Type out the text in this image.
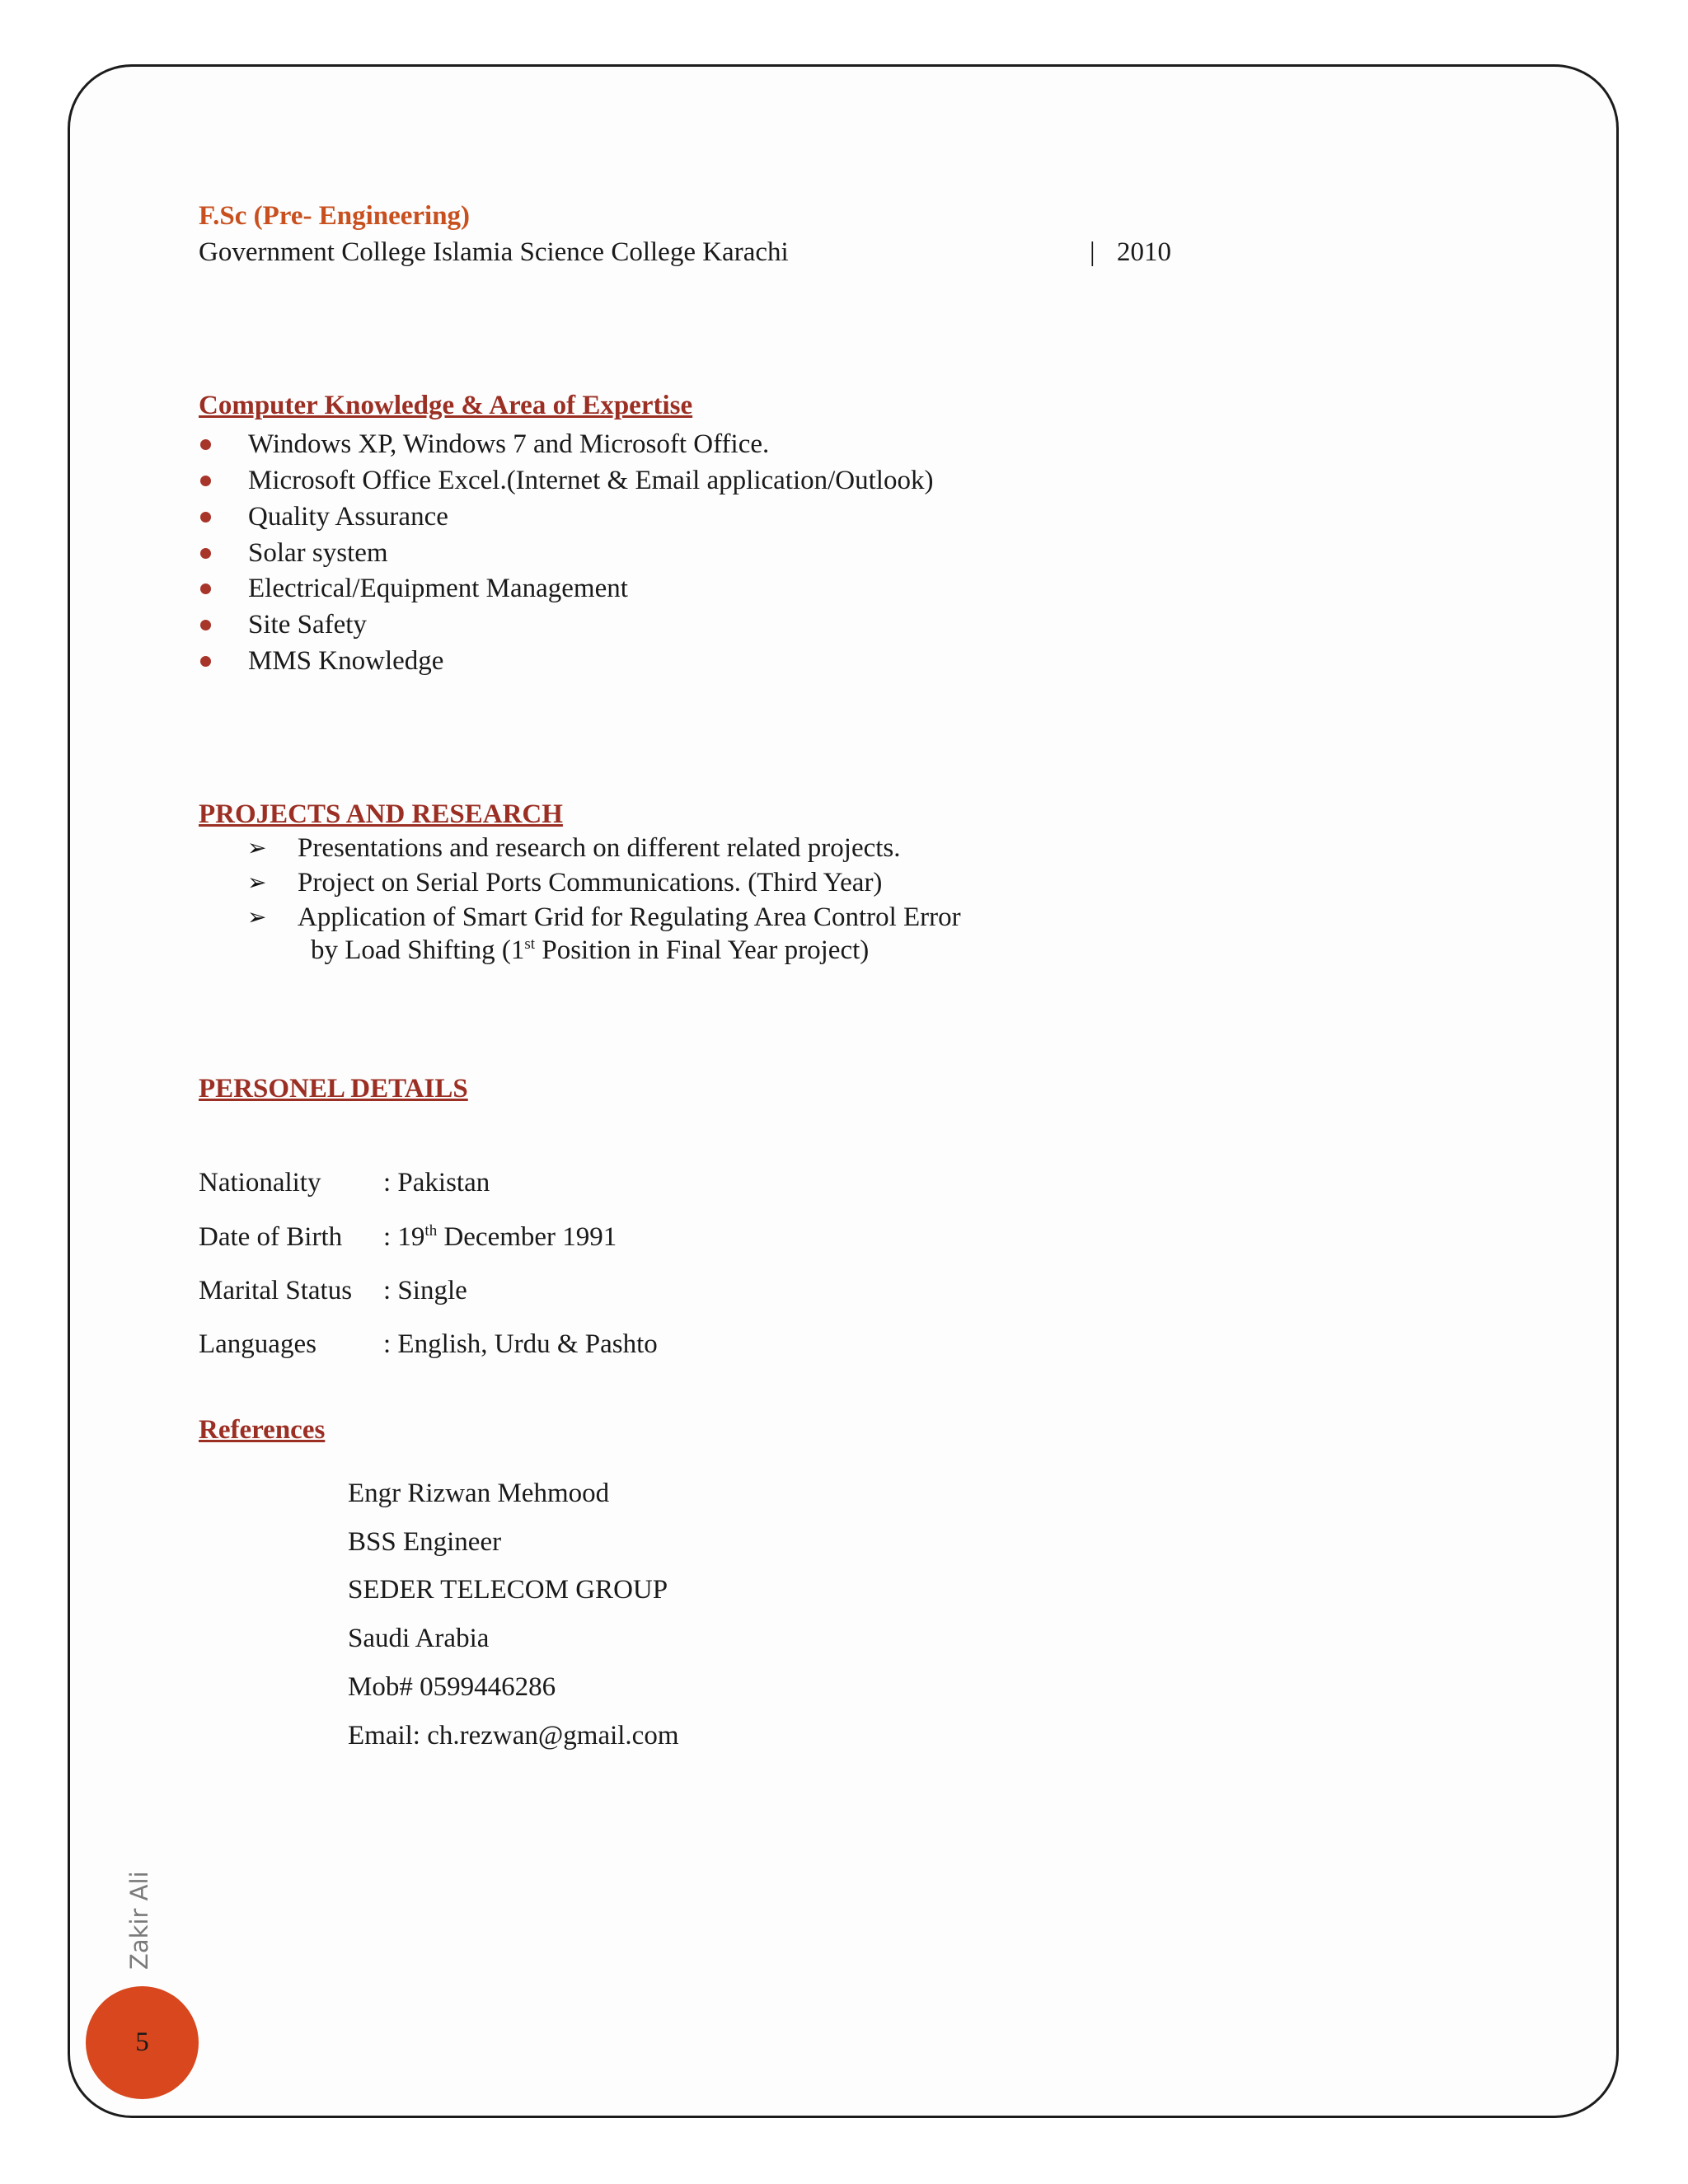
F.Sc (Pre- Engineering)
Government College Islamia Science College Karachi	| 2010
Computer Knowledge & Area of Expertise
Windows XP, Windows 7 and Microsoft Office.
Microsoft Office Excel.(Internet & Email application/Outlook)
Quality Assurance
Solar system
Electrical/Equipment Management
Site Safety
MMS Knowledge
PROJECTS AND RESEARCH
➢ Presentations and research on different related projects.
➢ Project on Serial Ports Communications. (Third Year)
➢ Application of Smart Grid for Regulating Area Control Error
by Load Shifting (1st Position in Final Year project)
PERSONEL DETAILS
Nationality : Pakistan
Date of Birth : 19th December 1991
Marital Status : Single
Languages : English, Urdu & Pashto
References
Engr Rizwan Mehmood
BSS Engineer
SEDER TELECOM GROUP
Saudi Arabia
Mob# 0599446286
Email: ch.rezwan@gmail.com
Zakir Ali
5
